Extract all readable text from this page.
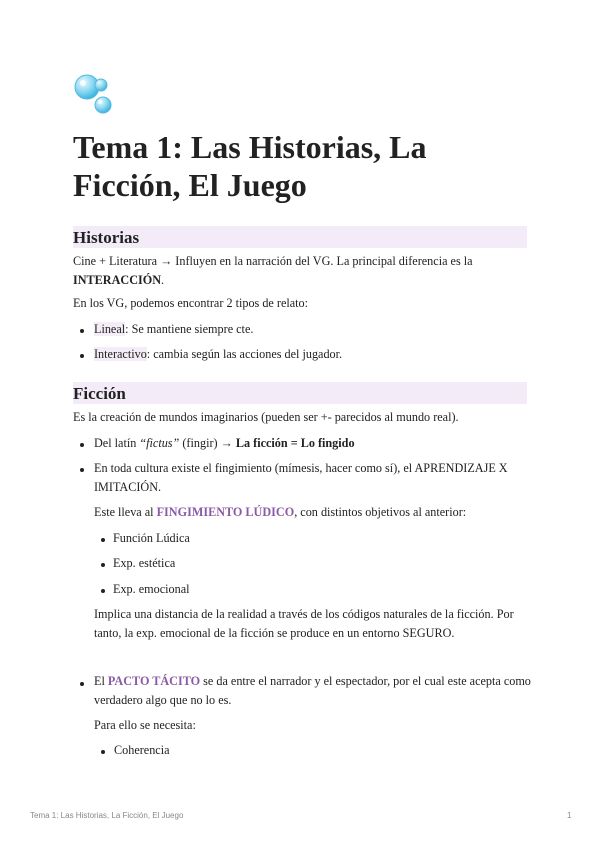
Tema 1: Las Historias, La Ficción, El Juego
Historias
Cine + Literatura → Influyen en la narración del VG. La principal diferencia es la
INTERACCIÓN.
En los VG, podemos encontrar 2 tipos de relato:
Lineal: Se mantiene siempre cte.
Interactivo: cambia según las acciones del jugador.
Ficción
Es la creación de mundos imaginarios (pueden ser +- parecidos al mundo real).
Del latín “fictus” (fingir) → La ficción = Lo fingido
En toda cultura existe el fingimiento (mímesis, hacer como sí), el APRENDIZAJE X
IMITACIÓN.
Este lleva al FINGIMIENTO LÚDICO, con distintos objetivos al anterior:
Función Lúdica
Exp. estética
Exp. emocional
Implica una distancia de la realidad a través de los códigos naturales de la ficción. Por
tanto, la exp. emocional de la ficción se produce en un entorno SEGURO.
El PACTO TÁCITO se da entre el narrador y el espectador, por el cual este acepta como
verdadero algo que no lo es.
Para ello se necesita:
Coherencia
Tema 1: Las Historias, La Ficción, El Juego	1
